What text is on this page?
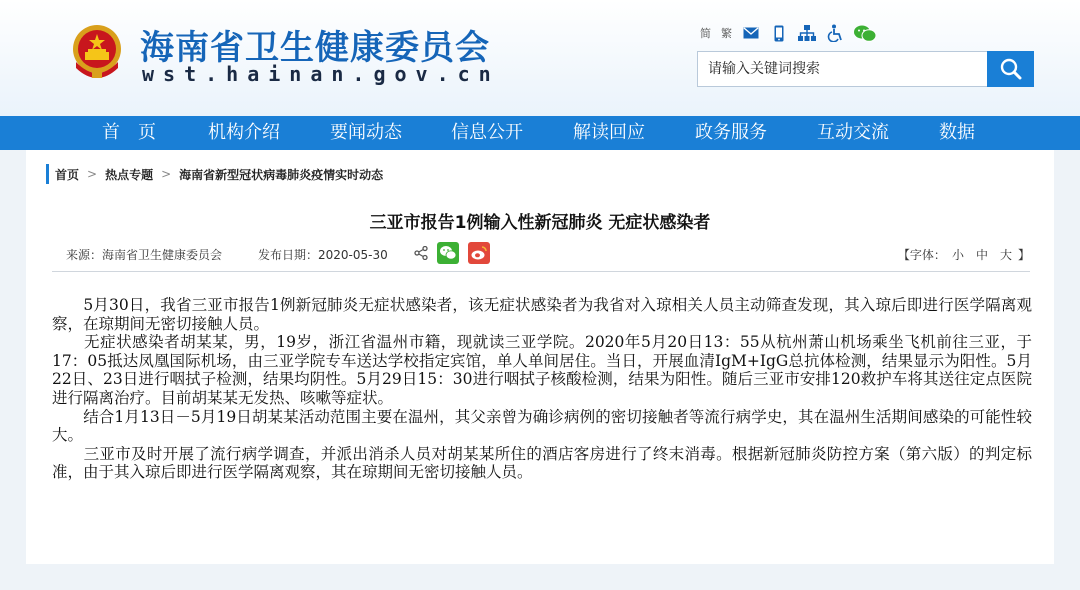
海南省卫生健康委员会
wst.hainan.gov.cn
简 繁
请输入关键词搜索
首　页	机构介绍	要闻动态	信息公开	解读回应	政务服务	互动交流	数据
首页 > 热点专题 > 海南省新型冠状病毒肺炎疫情实时动态
三亚市报告1例输入性新冠肺炎 无症状感染者
来源：海南省卫生健康委员会	发布日期：2020-05-30	【字体： 小 中 大 】

　　5月30日，我省三亚市报告1例新冠肺炎无症状感染者，该无症状感染者为我省对入琼相关人员主动筛查发现，其入琼后即进行医学隔离观察，在琼期间无密切接触人员。

　　无症状感染者胡某某，男，19岁，浙江省温州市籍，现就读三亚学院。2020年5月20日13：55从杭州萧山机场乘坐飞机前往三亚，于17：05抵达凤凰国际机场，由三亚学院专车送达学校指定宾馆，单人单间居住。当日，开展血清IgM+IgG总抗体检测，结果显示为阳性。5月22日、23日进行咽拭子检测，结果均阴性。5月29日15：30进行咽拭子核酸检测，结果为阳性。随后三亚市安排120救护车将其送往定点医院进行隔离治疗。目前胡某某无发热、咳嗽等症状。

　　结合1月13日－5月19日胡某某活动范围主要在温州，其父亲曾为确诊病例的密切接触者等流行病学史，其在温州生活期间感染的可能性较大。

　　三亚市及时开展了流行病学调查，并派出消杀人员对胡某某所住的酒店客房进行了终末消毒。根据新冠肺炎防控方案（第六版）的判定标准，由于其入琼后即进行医学隔离观察，其在琼期间无密切接触人员。
